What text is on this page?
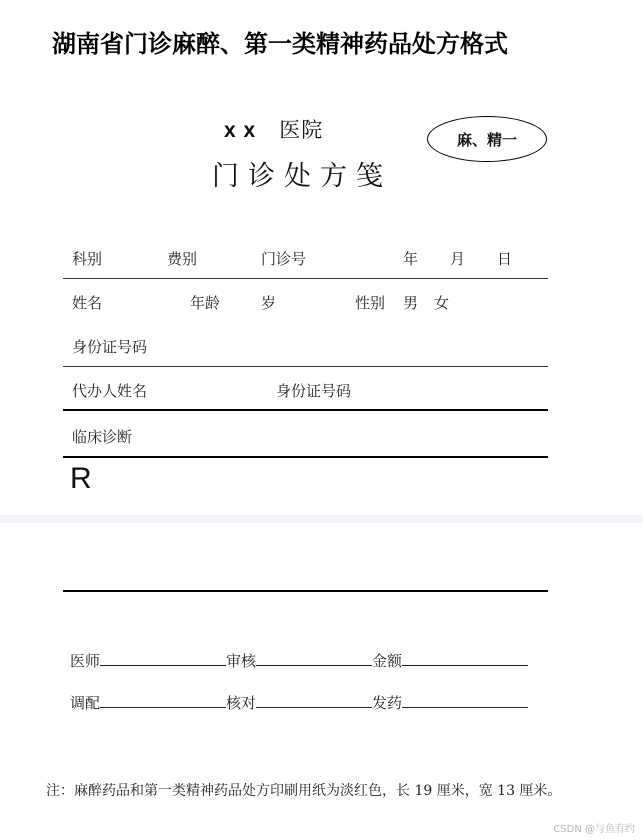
湖南省门诊麻醉、第一类精神药品处方格式
x x 医院
门诊处方笺
麻、精一
科别	费别	门诊号	年 月 日
姓名	年龄	岁	性别 男 女
身份证号码
代办人姓名	身份证号码
临床诊断
R
医师	审核	金额
调配	核对	发药
注：麻醉药品和第一类精神药品处方印刷用纸为淡红色，长 19 厘米，宽 13 厘米。
CSDN @与鱼有约
